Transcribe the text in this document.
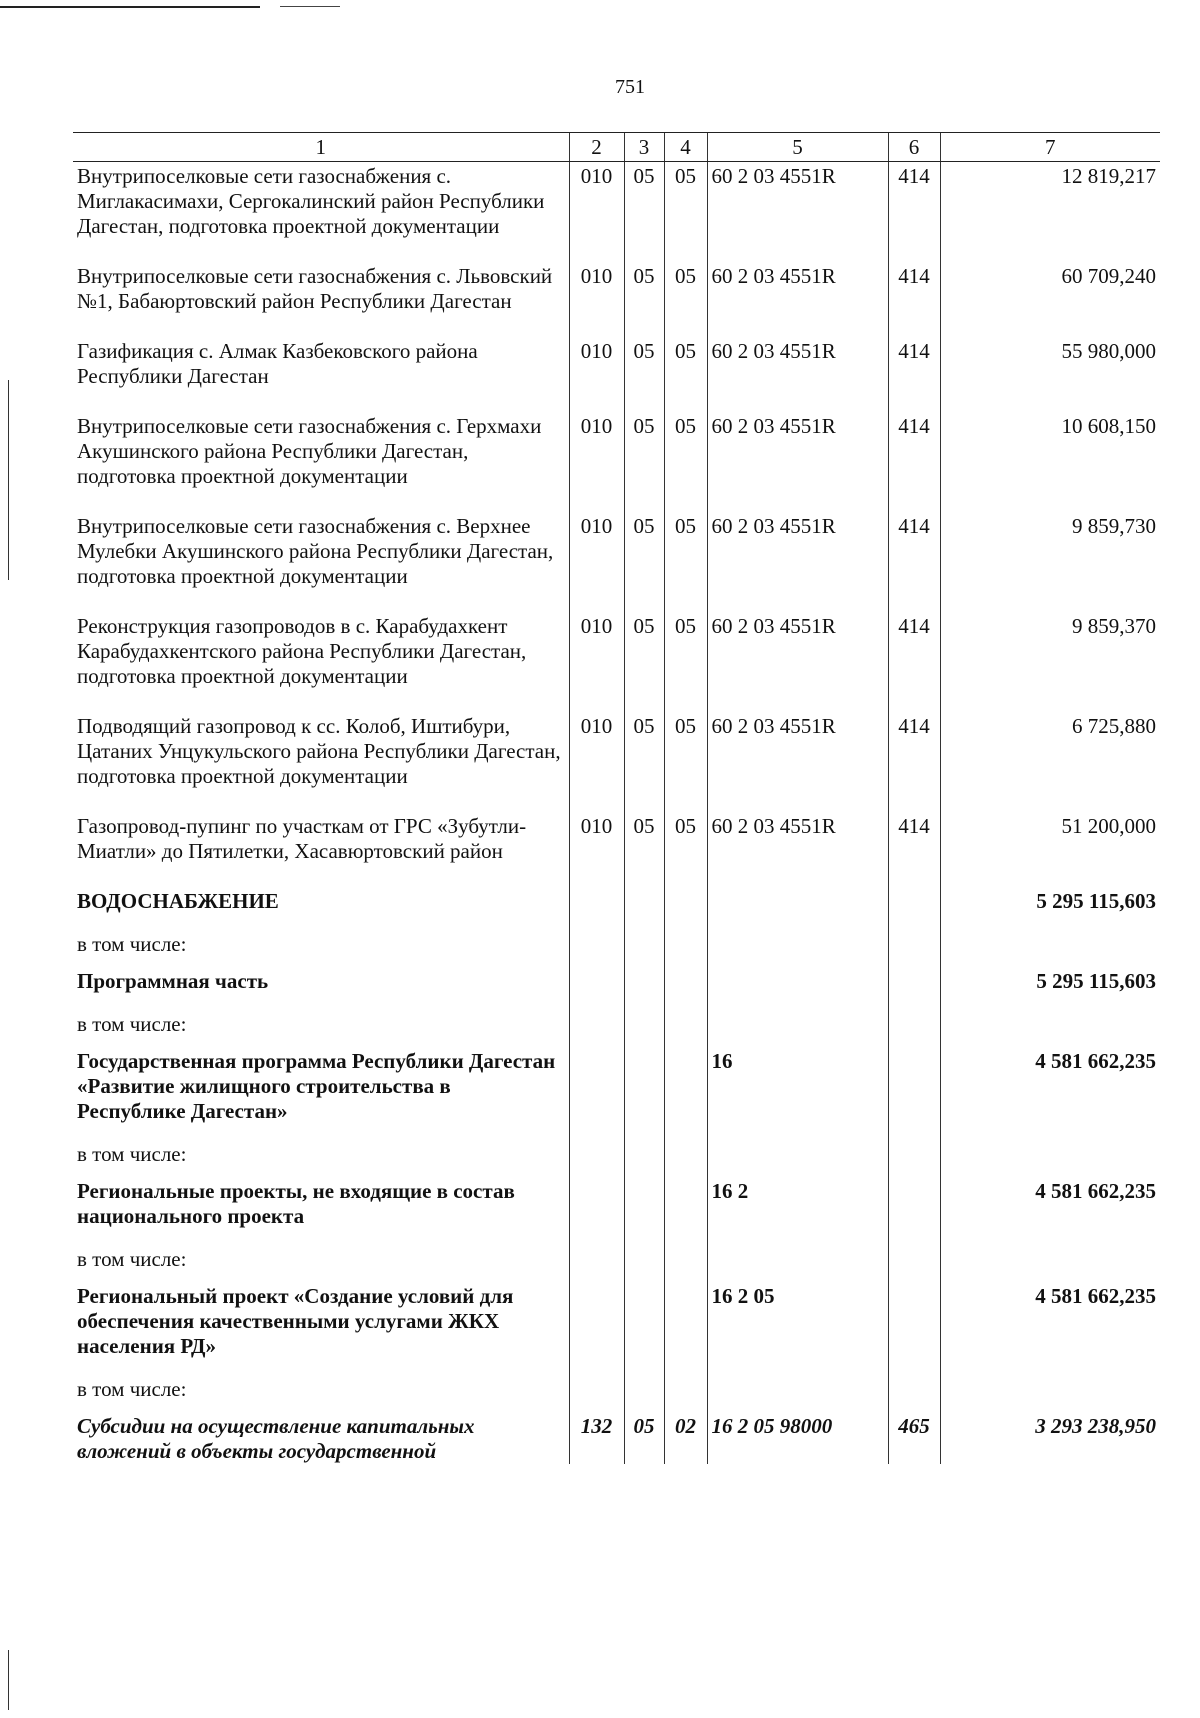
751
1	2	3	4	5	6	7
Внутрипоселковые сети газоснабжения с. Миглакасимахи, Сергокалинский район Республики Дагестан, подготовка проектной документации	010	05	05	60 2 03 4551R	414	12 819,217
Внутрипоселковые сети газоснабжения с. Львовский №1, Бабаюртовский район Республики Дагестан	010	05	05	60 2 03 4551R	414	60 709,240
Газификация с. Алмак Казбековского района Республики Дагестан	010	05	05	60 2 03 4551R	414	55 980,000
Внутрипоселковые сети газоснабжения с. Герхмахи Акушинского района Республики Дагестан, подготовка проектной документации	010	05	05	60 2 03 4551R	414	10 608,150
Внутрипоселковые сети газоснабжения с. Верхнее Мулебки Акушинского района Республики Дагестан, подготовка проектной документации	010	05	05	60 2 03 4551R	414	9 859,730
Реконструкция газопроводов в с. Карабудахкент Карабудахкентского района Республики Дагестан, подготовка проектной документации	010	05	05	60 2 03 4551R	414	9 859,370
Подводящий газопровод к сс. Колоб, Иштибури, Цатаних Унцукульского района Республики Дагестан, подготовка проектной документации	010	05	05	60 2 03 4551R	414	6 725,880
Газопровод-пупинг по участкам от ГРС «Зубутли-Миатли» до Пятилетки, Хасавюртовский район	010	05	05	60 2 03 4551R	414	51 200,000
ВОДОСНАБЖЕНИЕ						5 295 115,603
в том числе:						
Программная часть						5 295 115,603
в том числе:						
Государственная программа Республики Дагестан «Развитие жилищного строительства в Республике Дагестан»				16		4 581 662,235
в том числе:						
Региональные проекты, не входящие в состав национального проекта				16 2		4 581 662,235
в том числе:						
Региональный проект «Создание условий для обеспечения качественными услугами ЖКХ населения РД»				16 2 05		4 581 662,235
в том числе:						
Субсидии на осуществление капитальных вложений в объекты государственной	132	05	02	16 2 05 98000	465	3 293 238,950
